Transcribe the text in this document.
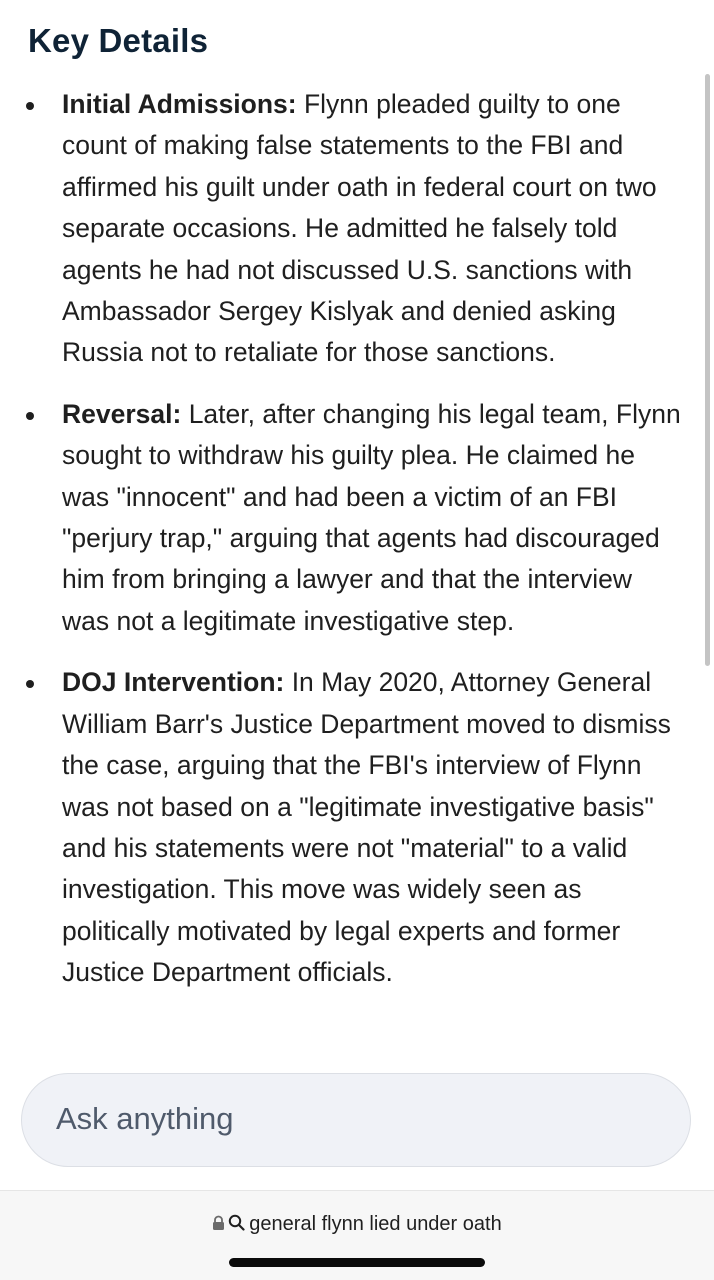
Key Details
Initial Admissions: Flynn pleaded guilty to one count of making false statements to the FBI and affirmed his guilt under oath in federal court on two separate occasions. He admitted he falsely told agents he had not discussed U.S. sanctions with Ambassador Sergey Kislyak and denied asking Russia not to retaliate for those sanctions.
Reversal: Later, after changing his legal team, Flynn sought to withdraw his guilty plea. He claimed he was "innocent" and had been a victim of an FBI "perjury trap," arguing that agents had discouraged him from bringing a lawyer and that the interview was not a legitimate investigative step.
DOJ Intervention: In May 2020, Attorney General William Barr's Justice Department moved to dismiss the case, arguing that the FBI's interview of Flynn was not based on a "legitimate investigative basis" and his statements were not "material" to a valid investigation. This move was widely seen as politically motivated by legal experts and former Justice Department officials.
Ask anything
general flynn lied under oath
